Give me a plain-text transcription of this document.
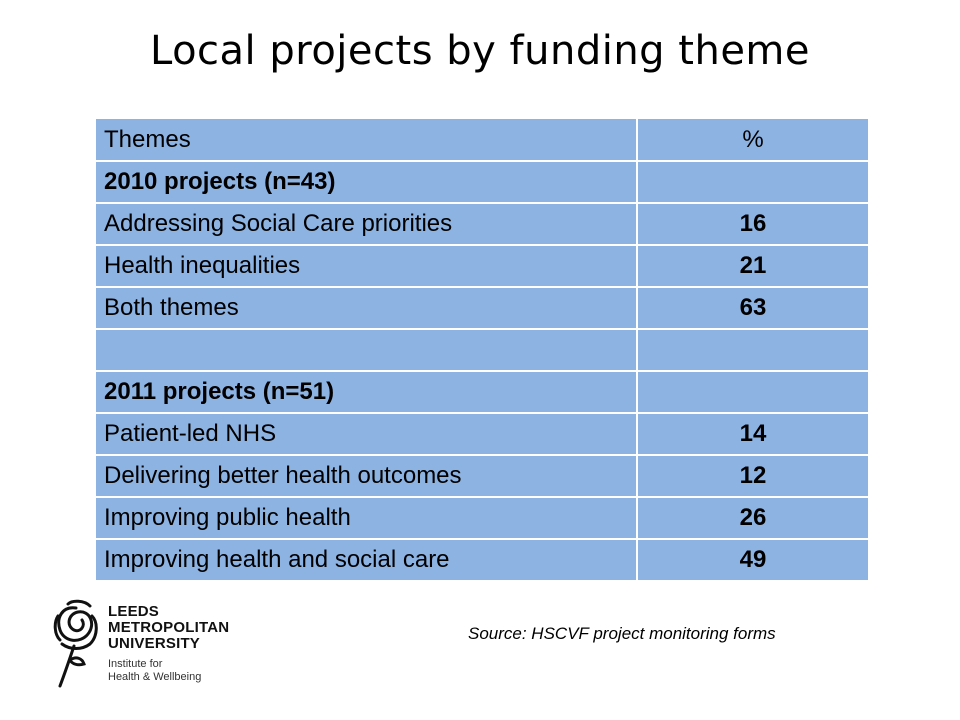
Local projects by funding theme
Themes	%
2010 projects (n=43)	
Addressing Social Care priorities	16
Health inequalities	21
Both themes	63

2011 projects (n=51)	
Patient-led NHS	14
Delivering better health outcomes	12
Improving public health	26
Improving health and social care	49
LEEDS
METROPOLITAN
UNIVERSITY
Institute for
Health & Wellbeing
Source: HSCVF project monitoring forms
